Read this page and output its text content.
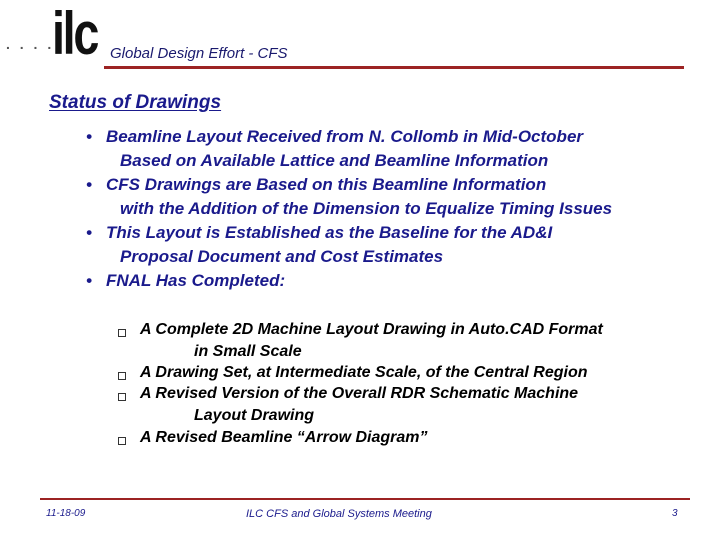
. . . .
ilc Global Design Effort - CFS
Status of Drawings
• Beamline Layout Received from N. Collomb in Mid-October
Based on Available Lattice and Beamline Information
• CFS Drawings are Based on this Beamline Information

with the Addition of the Dimension to Equalize Timing Issues
• This Layout is Established as the Baseline for the AD&I
Proposal Document and Cost Estimates
• FNAL Has Completed:
A Complete 2D Machine Layout Drawing in Auto.CAD Format
in Small Scale
A Drawing Set, at Intermediate Scale, of the Central Region
A Revised Version of the Overall RDR Schematic Machine
Layout Drawing
A Revised Beamline “Arrow Diagram”
11-18-09	ILC CFS and Global Systems Meeting	3
